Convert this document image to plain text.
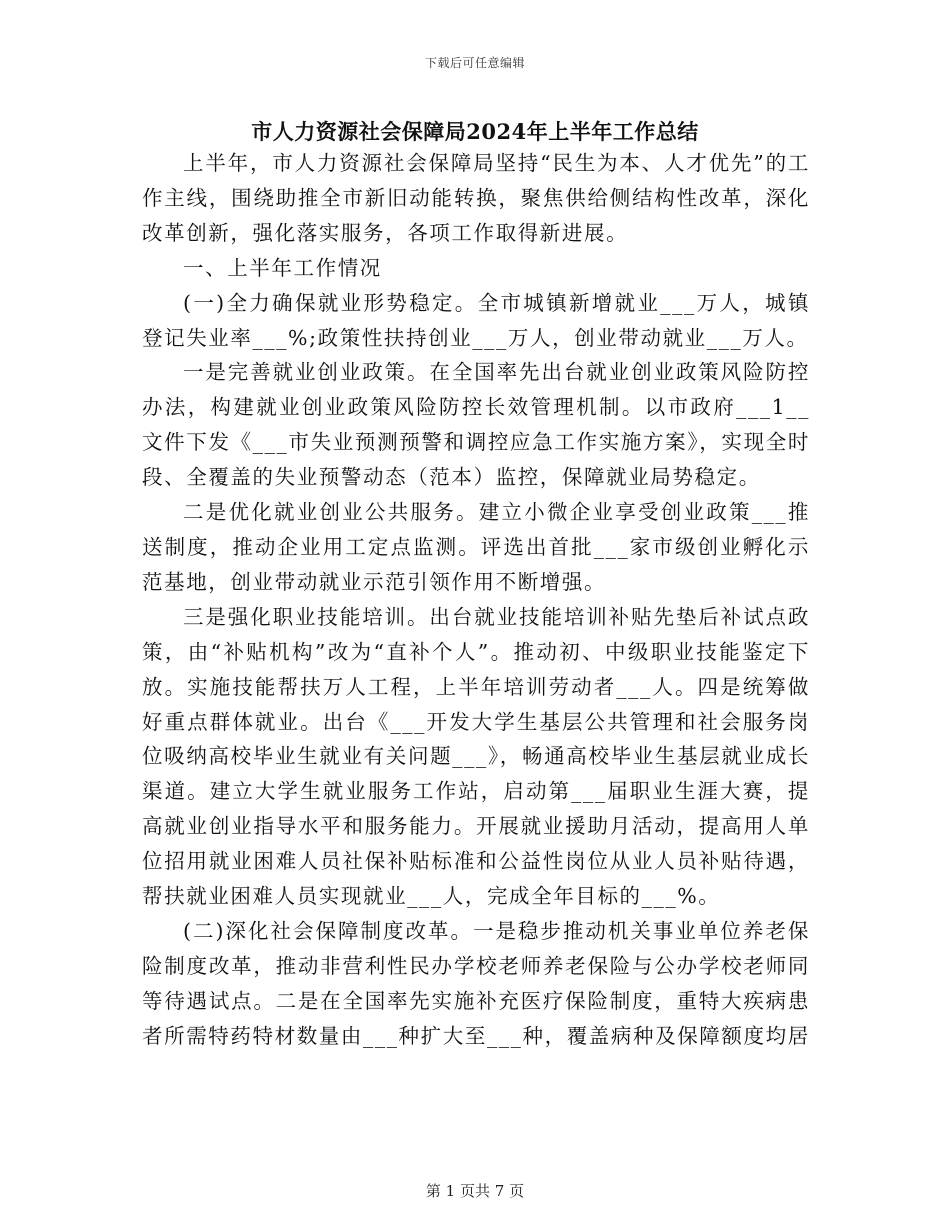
下载后可任意编辑
市人力资源社会保障局2024年上半年工作总结

上半年，市人力资源社会保障局坚持“民生为本、人才优先”的工作主线，围绕助推全市新旧动能转换，聚焦供给侧结构性改革，深化改革创新，强化落实服务，各项工作取得新进展。

一、上半年工作情况

(一)全力确保就业形势稳定。全市城镇新增就业___万人，城镇登记失业率___%;政策性扶持创业___万人，创业带动就业___万人。

一是完善就业创业政策。在全国率先出台就业创业政策风险防控办法，构建就业创业政策风险防控长效管理机制。以市政府___1__文件下发《___市失业预测预警和调控应急工作实施方案》，实现全时段、全覆盖的失业预警动态（范本）监控，保障就业局势稳定。

二是优化就业创业公共服务。建立小微企业享受创业政策___推送制度，推动企业用工定点监测。评选出首批___家市级创业孵化示范基地，创业带动就业示范引领作用不断增强。

三是强化职业技能培训。出台就业技能培训补贴先垫后补试点政策，由“补贴机构”改为“直补个人”。推动初、中级职业技能鉴定下放。实施技能帮扶万人工程，上半年培训劳动者___人。四是统筹做好重点群体就业。出台《___开发大学生基层公共管理和社会服务岗位吸纳高校毕业生就业有关问题___》，畅通高校毕业生基层就业成长渠道。建立大学生就业服务工作站，启动第___届职业生涯大赛，提高就业创业指导水平和服务能力。开展就业援助月活动，提高用人单位招用就业困难人员社保补贴标准和公益性岗位从业人员补贴待遇，帮扶就业困难人员实现就业___人，完成全年目标的___%。

(二)深化社会保障制度改革。一是稳步推动机关事业单位养老保险制度改革，推动非营利性民办学校老师养老保险与公办学校老师同等待遇试点。二是在全国率先实施补充医疗保险制度，重特大疾病患者所需特药特材数量由___种扩大至___种，覆盖病种及保障额度均居

第 1 页共 7 页
